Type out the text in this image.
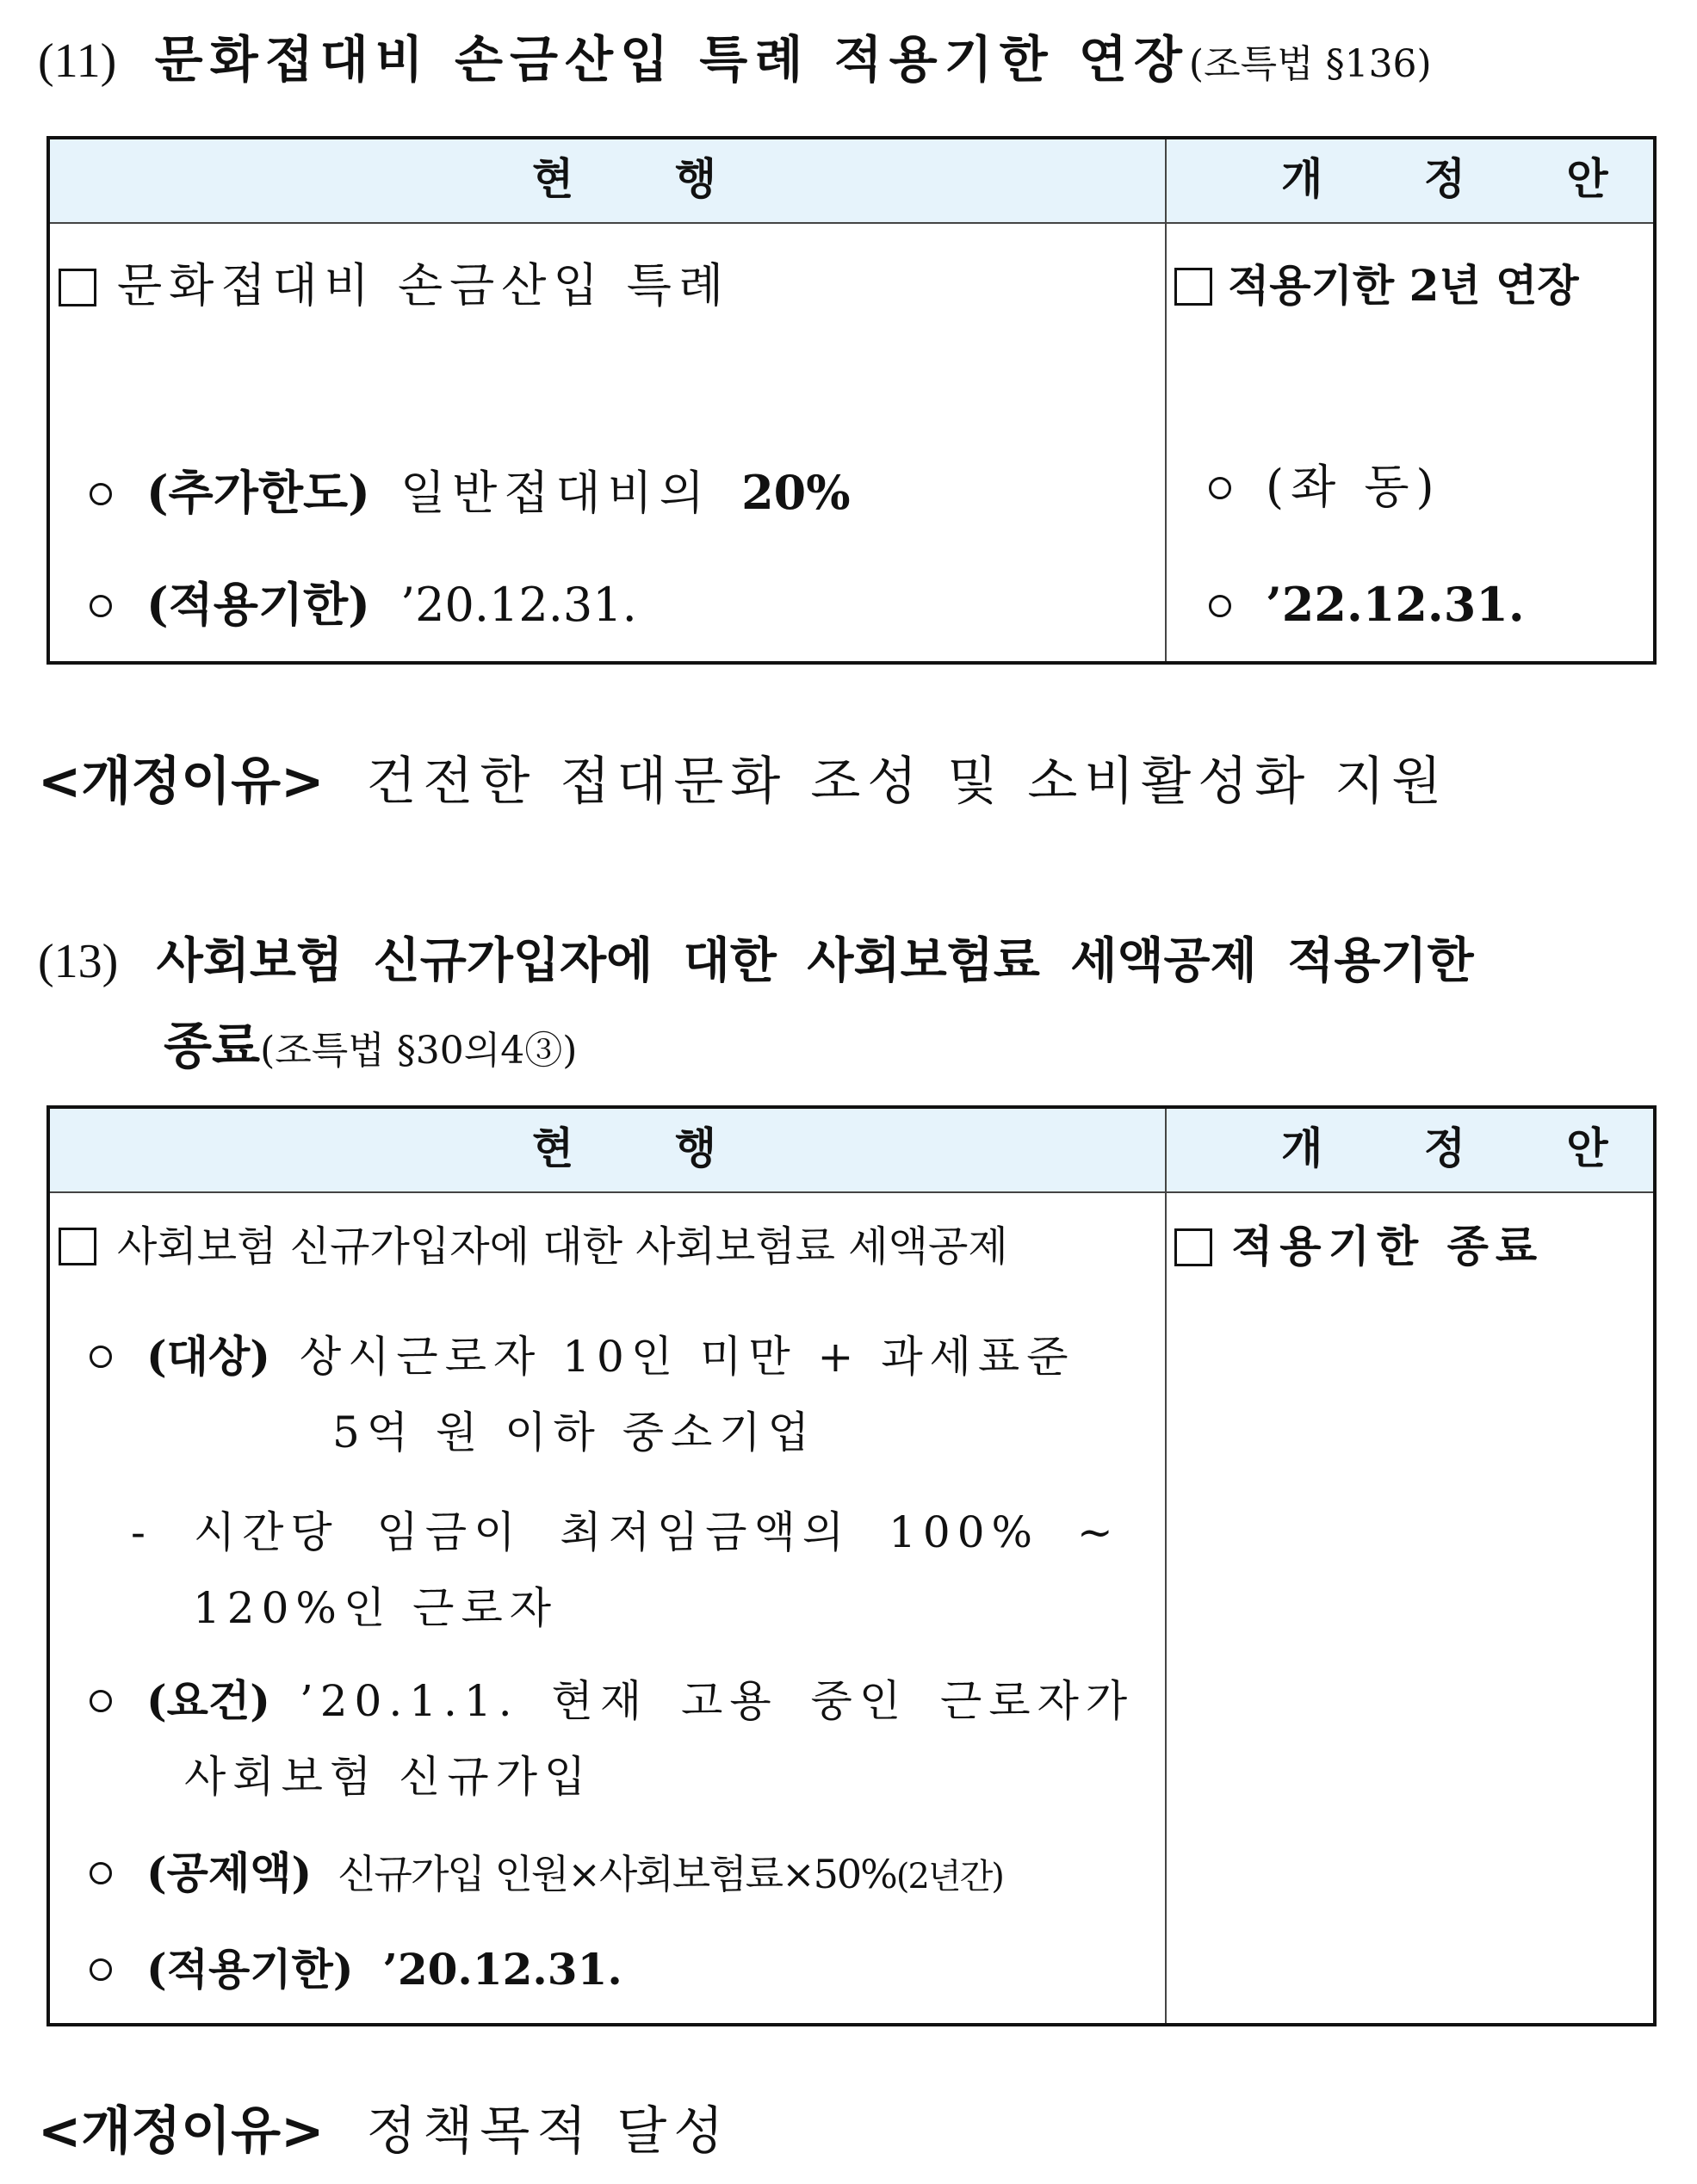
(11) 문화접대비 손금산입 특례 적용기한 연장(조특법 §136)
현 행	개 정 안
문화접대비 손금산입 특례
(추가한도) 일반접대비의 20%
(적용기한) ’20.12.31.
적용기한 2년 연장
(좌 동)
’22.12.31.
<개정이유> 건전한 접대문화 조성 및 소비활성화 지원
(13) 사회보험 신규가입자에 대한 사회보험료 세액공제 적용기한
종료(조특법 §30의4③)
현 행	개 정 안
사회보험 신규가입자에 대한 사회보험료 세액공제
(대상) 상시근로자 10인 미만 + 과세표준
5억 원 이하 중소기업
- 시간당 임금이 최저임금액의 100% ~
120%인 근로자
(요건) ’20.1.1. 현재 고용 중인 근로자가
사회보험 신규가입
(공제액) 신규가입 인원×사회보험료×50%(2년간)
(적용기한) ’20.12.31.
적용기한 종료
<개정이유> 정책목적 달성
